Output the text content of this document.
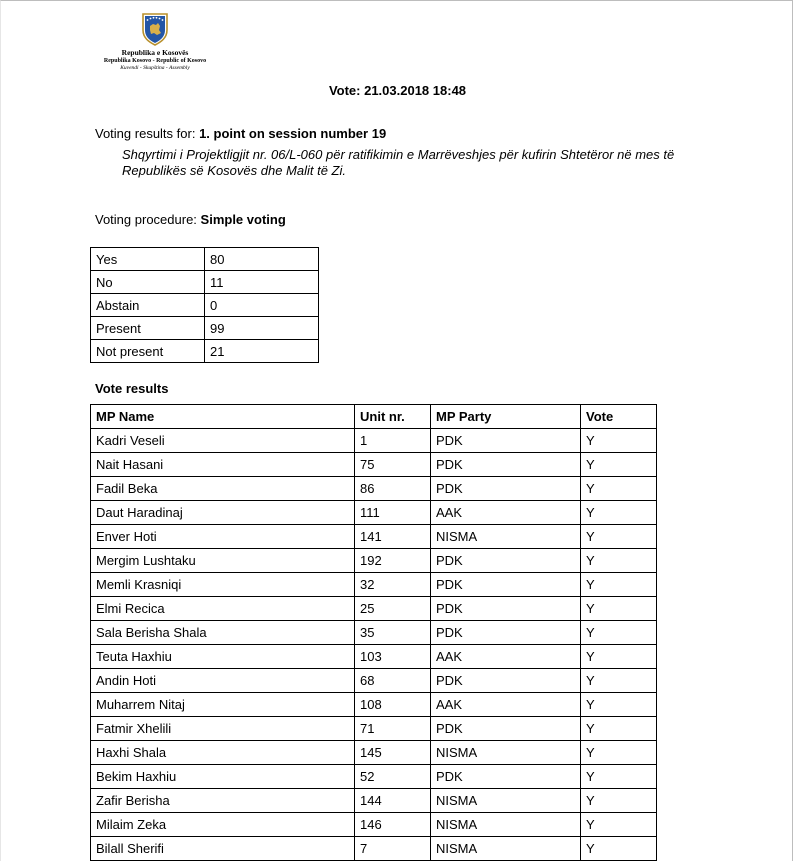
Republika e Kosovës
Republika Kosovo - Republic of Kosovo
Kuvendi - Skupština - Assembly
Vote: 21.03.2018 18:48
Voting results for: 1. point on session number 19
Shqyrtimi i Projektligjit nr. 06/L-060 për ratifikimin e Marrëveshjes për kufirin Shtetëror në mes të Republikës së Kosovës dhe Malit të Zi.
Voting procedure: Simple voting
Yes	80
No	11
Abstain	0
Present	99
Not present	21
Vote results
MP Name	Unit nr.	MP Party	Vote
Kadri Veseli	1	PDK	Y
Nait Hasani	75	PDK	Y
Fadil Beka	86	PDK	Y
Daut Haradinaj	111	AAK	Y
Enver Hoti	141	NISMA	Y
Mergim Lushtaku	192	PDK	Y
Memli Krasniqi	32	PDK	Y
Elmi Recica	25	PDK	Y
Sala Berisha Shala	35	PDK	Y
Teuta Haxhiu	103	AAK	Y
Andin Hoti	68	PDK	Y
Muharrem Nitaj	108	AAK	Y
Fatmir Xhelili	71	PDK	Y
Haxhi Shala	145	NISMA	Y
Bekim Haxhiu	52	PDK	Y
Zafir Berisha	144	NISMA	Y
Milaim Zeka	146	NISMA	Y
Bilall Sherifi	7	NISMA	Y
